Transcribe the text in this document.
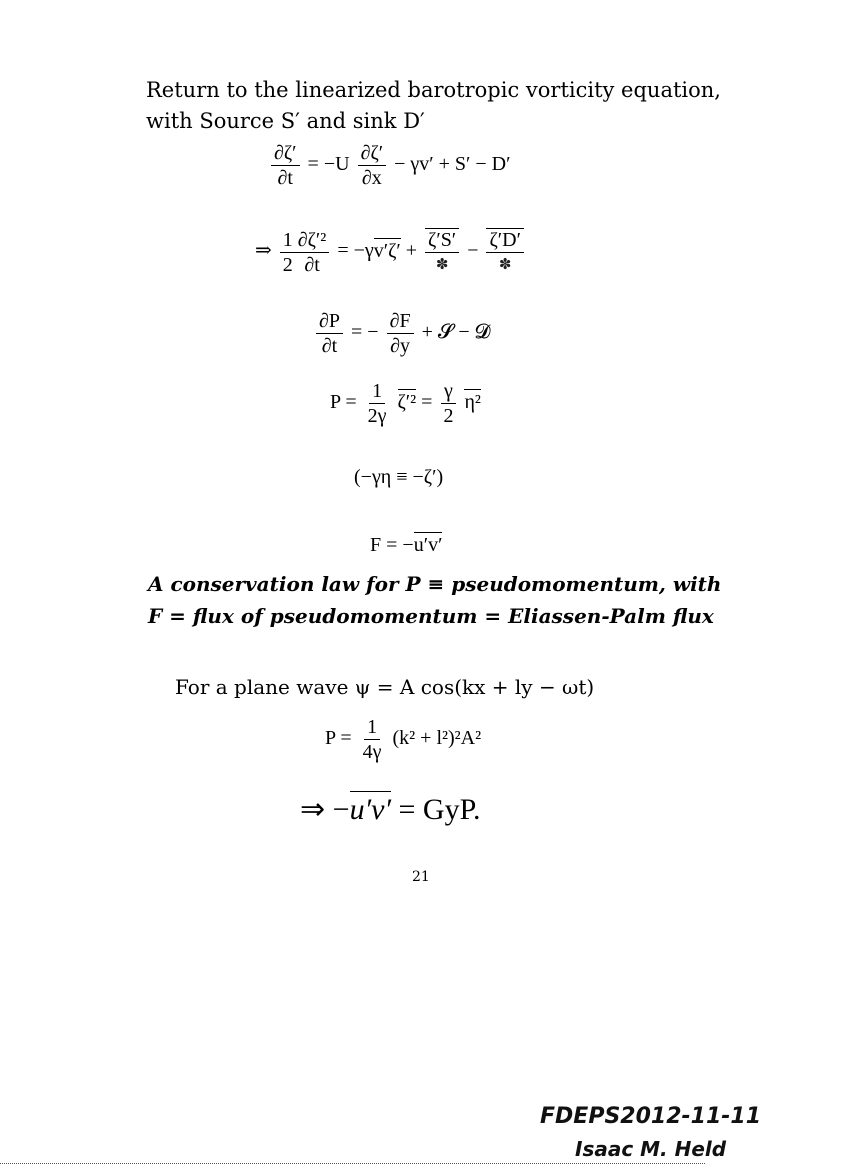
Return to the linearized barotropic vorticity equation,
with Source S′ and sink D′
$\frac{\partial\zeta'}{\partial t} = -U \frac{\partial\zeta'}{\partial x} - \gamma v' + S' - D'$
⇒ $\frac{1}{2} \frac{\text{∂ζ′²}}{\partial t} = -\gamma v'\zeta' + \frac{\zeta'S'}{✽} - \frac{\zeta'D'}{✽}$
$\frac{\partial P}{\partial t}$ = − $\frac{\partial F}{\partial y}$ + 𝓢 − 𝓓
$P = \frac{1}{2\gamma} \zeta'^2 = \frac{\gamma}{2} \eta^2$
(−γη ≡ −ζ′)
F = −u′v′
A conservation law for P ≡ pseudomomentum, with
F = flux of pseudomomentum = Eliassen-Palm flux
For a plane wave ψ = A cos(kx + ly − ωt)
$P = \frac{1}{4\gamma} (k^2 + l^2)^2A^2$
⇒ −u′v′ = GyP.
21
FDEPS2012-11-11
Isaac M. Held
